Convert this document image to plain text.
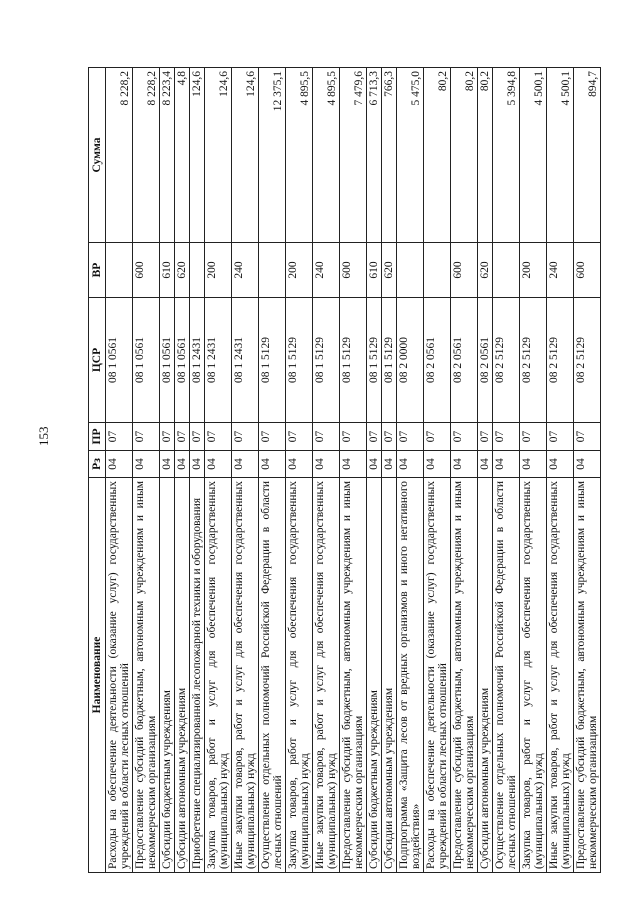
153
Наименование	Рз	ПР	ЦСР	ВР	Сумма
Расходы на обеспечение деятельности (оказание услуг) государственных учреждений в области лесных отношений	04	07	08 1 0561		8 228,2
Предоставление субсидий бюджетным, автономным учреждениям и иным некоммерческим организациям	04	07	08 1 0561	600	8 228,2
Субсидии бюджетным учреждениям	04	07	08 1 0561	610	8 223,4
Субсидии автономным учреждениям	04	07	08 1 0561	620	4,8
Приобретение специализированной лесопожарной техники и оборудования	04	07	08 1 2431		124,6
Закупка товаров, работ и услуг для обеспечения государственных (муниципальных) нужд	04	07	08 1 2431	200	124,6
Иные закупки товаров, работ и услуг для обеспечения государственных (муниципальных) нужд	04	07	08 1 2431	240	124,6
Осуществление отдельных полномочий Российской Федерации в области лесных отношений	04	07	08 1 5129		12 375,1
Закупка товаров, работ и услуг для обеспечения государственных (муниципальных) нужд	04	07	08 1 5129	200	4 895,5
Иные закупки товаров, работ и услуг для обеспечения государственных (муниципальных) нужд	04	07	08 1 5129	240	4 895,5
Предоставление субсидий бюджетным, автономным учреждениям и иным некоммерческим организациям	04	07	08 1 5129	600	7 479,6
Субсидии бюджетным учреждениям	04	07	08 1 5129	610	6 713,3
Субсидии автономным учреждениям	04	07	08 1 5129	620	766,3
Подпрограмма «Защита лесов от вредных организмов и иного негативного воздействия»	04	07	08 2 0000		5 475,0
Расходы на обеспечение деятельности (оказание услуг) государственных учреждений в области лесных отношений	04	07	08 2 0561		80,2
Предоставление субсидий бюджетным, автономным учреждениям и иным некоммерческим организациям	04	07	08 2 0561	600	80,2
Субсидии автономным учреждениям	04	07	08 2 0561	620	80,2
Осуществление отдельных полномочий Российской Федерации в области лесных отношений	04	07	08 2 5129		5 394,8
Закупка товаров, работ и услуг для обеспечения государственных (муниципальных) нужд	04	07	08 2 5129	200	4 500,1
Иные закупки товаров, работ и услуг для обеспечения государственных (муниципальных) нужд	04	07	08 2 5129	240	4 500,1
Предоставление субсидий бюджетным, автономным учреждениям и иным некоммерческим организациям	04	07	08 2 5129	600	894,7
